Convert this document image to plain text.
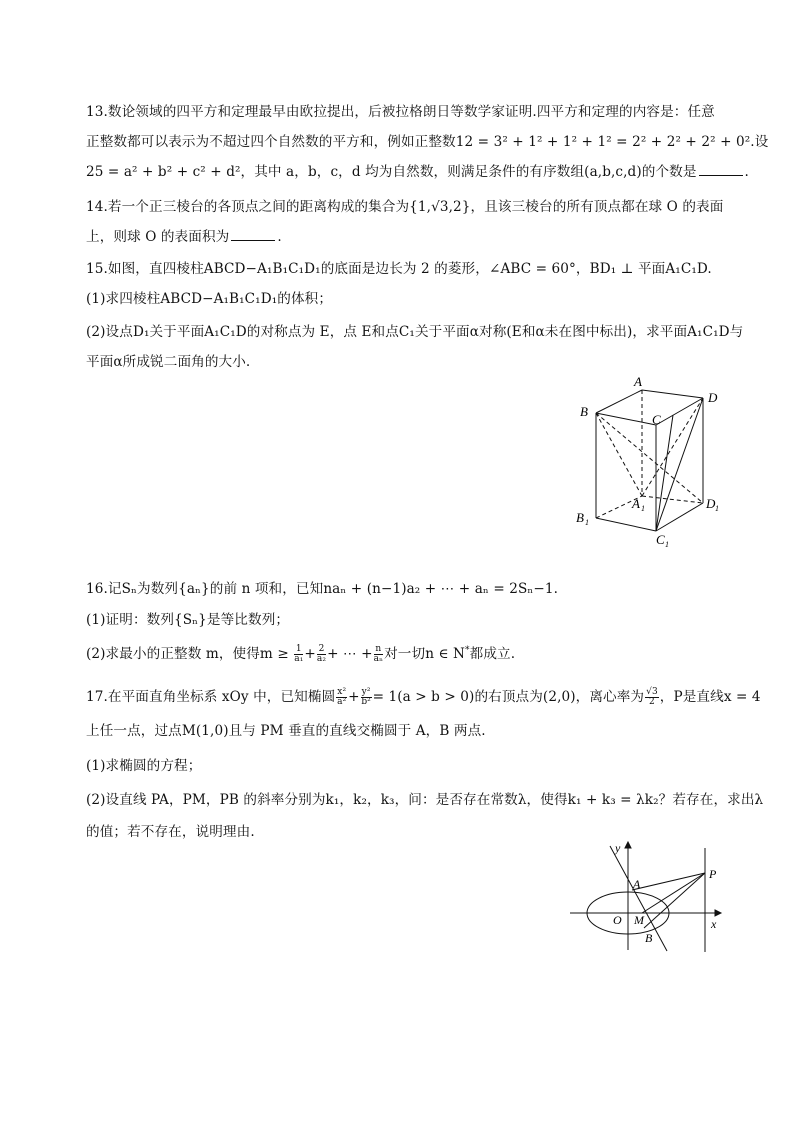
13.数论领域的四平方和定理最早由欧拉提出，后被拉格朗日等数学家证明.四平方和定理的内容是：任意
正整数都可以表示为不超过四个自然数的平方和，例如正整数12 = 3² + 1² + 1² + 1² = 2² + 2² + 2² + 0².设
25 = a² + b² + c² + d²，其中 a，b，c，d 均为自然数，则满足条件的有序数组(a,b,c,d)的个数是	.
14.若一个正三棱台的各顶点之间的距离构成的集合为{1,√3,2}，且该三棱台的所有顶点都在球 O 的表面
上，则球 O 的表面积为	.
15.如图，直四棱柱ABCD−A₁B₁C₁D₁的底面是边长为 2 的菱形，∠ABC = 60°，BD₁ ⊥ 平面A₁C₁D.
(1)求四棱柱ABCD−A₁B₁C₁D₁的体积；
(2)设点D₁关于平面A₁C₁D的对称点为 E，点 E和点C₁关于平面α对称(E和α未在图中标出)，求平面A₁C₁D与
平面α所成锐二面角的大小.
A
B
C
D
A 1
B 1
C 1
D 1
16.记Sₙ为数列{aₙ}的前 n 项和，已知naₙ + (n−1)a₂ + ⋯ + aₙ = 2Sₙ−1.
(1)证明：数列{Sₙ}是等比数列；
(2)求最小的正整数 m，使得$m \ge \frac{1}{\text{a₁}} + \frac{2}{\text{a₂}}$ + ⋯ + $\frac{n}{\text{aₙ}}$ 对一切n ∈ N*都成立.
17.在平面直角坐标系 xOy 中，已知椭圆 $\frac{\text{x²}}{\text{a²}} + \frac{\text{y²}}{\text{b²}} = 1(a > b > 0)$的右顶点为(2,0)，离心率为 $\frac{√3}{2}$ ，P是直线x = 4
上任一点，过点M(1,0)且与 PM 垂直的直线交椭圆于 A，B 两点.
(1)求椭圆的方程；
(2)设直线 PA，PM，PB 的斜率分别为k₁，k₂，k₃，问：是否存在常数λ，使得k₁ + k₃ = λk₂？若存在，求出λ
的值；若不存在，说明理由.
y
x
O M
A
B
P
